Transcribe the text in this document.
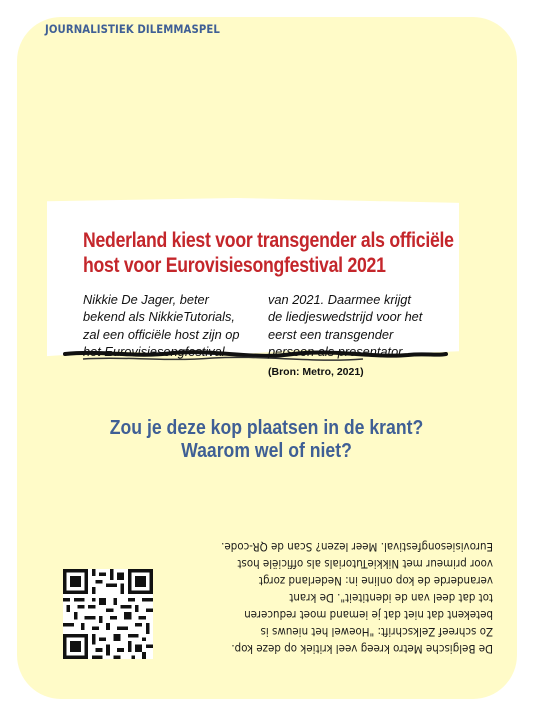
JOURNALISTIEK DILEMMASPEL
Nederland kiest voor transgender als officiële
host voor Eurovisiesongfestival 2021
Nikkie De Jager, beter
bekend als NikkieTutorials,
zal een officiële host zijn op
het Eurovisiesongfestival
van 2021. Daarmee krijgt
de liedjeswedstrijd voor het
eerst een transgender
persoon als presentator.
(Bron: Metro, 2021)
Zou je deze kop plaatsen in de krant?
Waarom wel of niet?
De Belgische Metro kreeg veel kritiek op deze kop.
Zo schreef Zelkschrift: "Hoewel het nieuws is
betekent dat niet dat je iemand moet reduceren
tot dat deel van de identiteit". De krant
veranderde de kop online in: Nederland zorgt
voor primeur met NikkieTutorials als officiële host
Eurovisiesongfestival. Meer lezen? Scan de QR-code.
